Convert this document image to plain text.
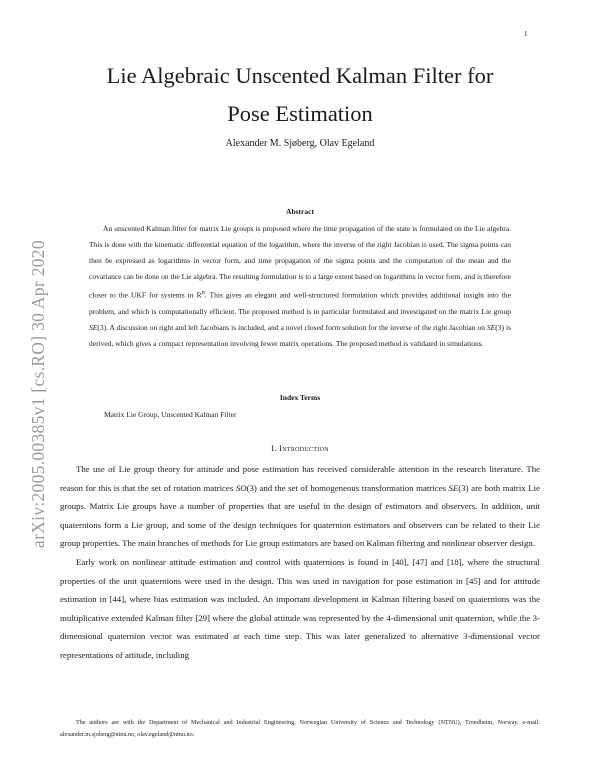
1
arXiv:2005.00385v1 [cs.RO] 30 Apr 2020
Lie Algebraic Unscented Kalman Filter for
Pose Estimation
Alexander M. Sjøberg, Olav Egeland
Abstract

An unscented Kalman filter for matrix Lie groups is proposed where the time propagation of the state is formulated on the Lie algebra. This is done with the kinematic differential equation of the logarithm, where the inverse of the right Jacobian is used. The sigma points can then be expressed as logarithms in vector form, and time propagation of the sigma points and the computation of the mean and the covariance can be done on the Lie algebra. The resulting formulation is to a large extent based on logarithms in vector form, and is therefore closer to the UKF for systems in $R^n$. This gives an elegant and well-structured formulation which provides additional insight into the problem, and which is computationally efficient. The proposed method is in particular formulated and investigated on the matrix Lie group SE(3). A discussion on right and left Jacobians is included, and a novel closed form solution for the inverse of the right Jacobian on SE(3) is derived, which gives a compact representation involving fewer matrix operations. The proposed method is validated in simulations.

Index Terms
Matrix Lie Group, Unscented Kalman Filter
I. Introduction

The use of Lie group theory for attitude and pose estimation has received considerable attention in the research literature. The reason for this is that the set of rotation matrices SO(3) and the set of homogeneous transformation matrices SE(3) are both matrix Lie groups. Matrix Lie groups have a number of properties that are useful in the design of estimators and observers. In addition, unit quaternions form a Lie group, and some of the design techniques for quaternion estimators and observers can be related to their Lie group properties. The main branches of methods for Lie group estimators are based on Kalman filtering and nonlinear observer design.

Early work on nonlinear attitude estimation and control with quaternions is found in [40], [47] and [18], where the structural properties of the unit quaternions were used in the design. This was used in navigation for pose estimation in [45] and for attitude estimation in [44], where bias estimation was included. An important development in Kalman filtering based on quaternions was the multiplicative extended Kalman filter [29] where the global attitude was represented by the 4-dimensional unit quaternion, while the 3-dimensional quaternion vector was estimated at each time step. This was later generalized to alternative 3-dimensional vector representations of attitude, including

The authors are with the Department of Mechanical and Industrial Engineering, Norwegian University of Science and Technology (NTNU), Trondheim, Norway. e-mail: alexander.m.sjoberg@ntnu.no, olav.egeland@ntnu.no.
